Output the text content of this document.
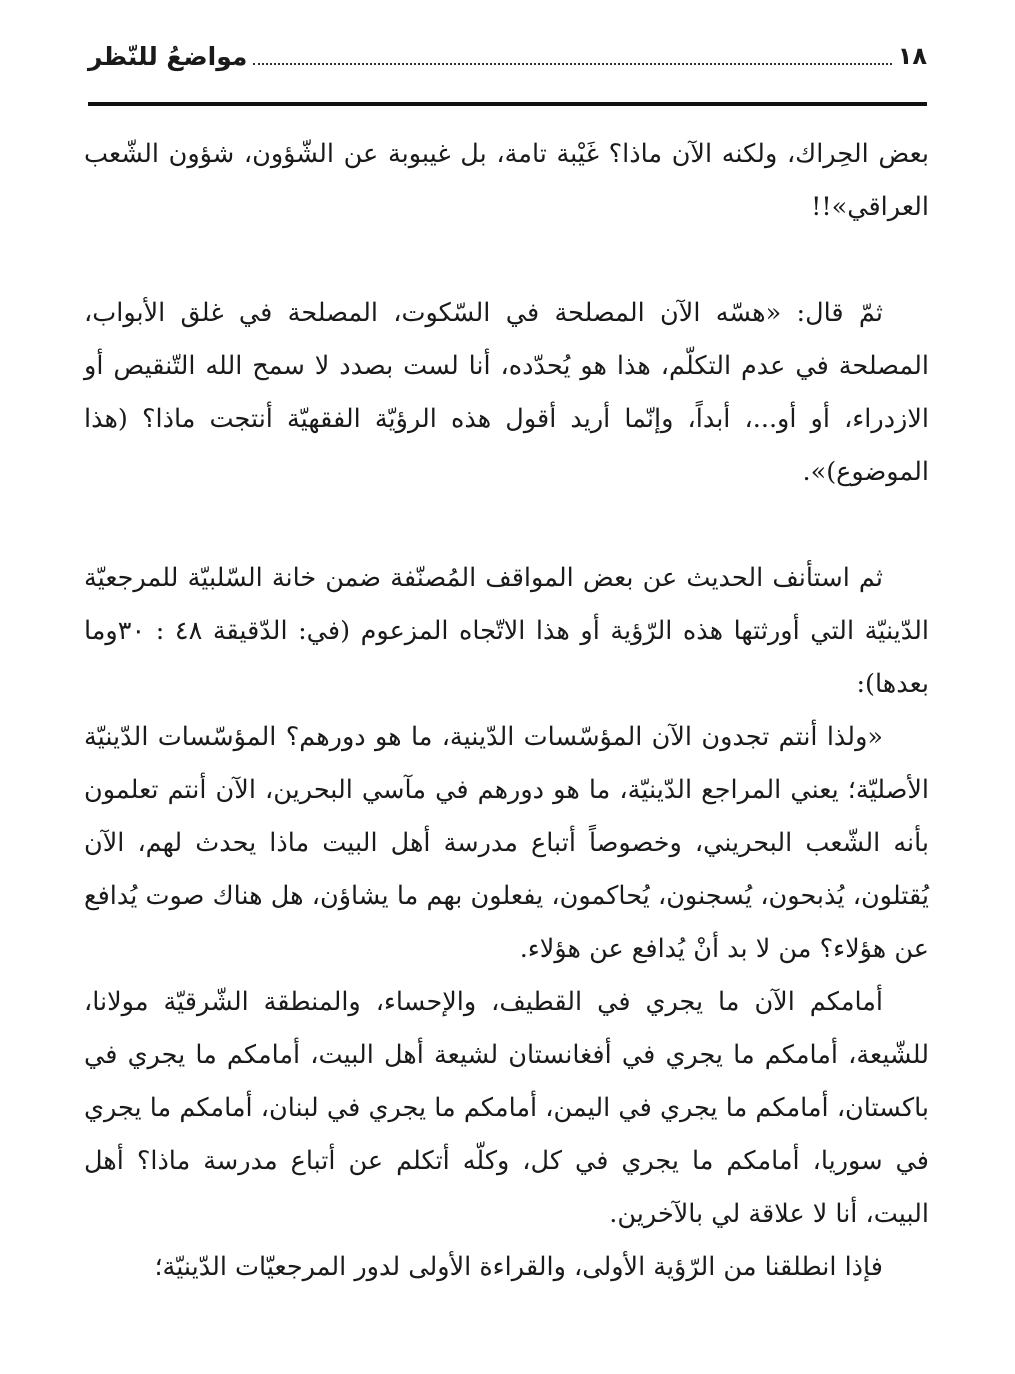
١٨
مواضعُ للنّظر

بعض الحِراك، ولكنه الآن ماذا؟ غَيْبة تامة، بل غيبوبة عن الشّؤون، شؤون الشّعب العراقي»!!

ثمّ قال: «هسّه الآن المصلحة في السّكوت، المصلحة في غلق الأبواب، المصلحة في عدم التكلّم، هذا هو يُحدّده، أنا لست بصدد لا سمح الله التّنقيص أو الازدراء، أو أو...، أبداً، وإنّما أريد أقول هذه الرؤيّة الفقهيّة أنتجت ماذا؟ (هذا الموضوع)».

ثم استأنف الحديث عن بعض المواقف المُصنّفة ضمن خانة السّلبيّة للمرجعيّة الدّينيّة التي أورثتها هذه الرّؤية أو هذا الاتّجاه المزعوم (في: الدّقيقة ٤٨ : ٣٠وما بعدها):

«ولذا أنتم تجدون الآن المؤسّسات الدّينية، ما هو دورهم؟ المؤسّسات الدّينيّة الأصليّة؛ يعني المراجع الدّينيّة، ما هو دورهم في مآسي البحرين، الآن أنتم تعلمون بأنه الشّعب البحريني، وخصوصاً أتباع مدرسة أهل البيت ماذا يحدث لهم، الآن يُقتلون، يُذبحون، يُسجنون، يُحاكمون، يفعلون بهم ما يشاؤن، هل هناك صوت يُدافع عن هؤلاء؟ من لا بد أنْ يُدافع عن هؤلاء.

أمامكم الآن ما يجري في القطيف، والإحساء، والمنطقة الشّرقيّة مولانا، للشّيعة، أمامكم ما يجري في أفغانستان لشيعة أهل البيت، أمامكم ما يجري في باكستان، أمامكم ما يجري في اليمن، أمامكم ما يجري في لبنان، أمامكم ما يجري في سوريا، أمامكم ما يجري في كل، وكلّه أتكلم عن أتباع مدرسة ماذا؟ أهل البيت، أنا لا علاقة لي بالآخرين.

فإذا انطلقنا من الرّؤية الأولى، والقراءة الأولى لدور المرجعيّات الدّينيّة؛
